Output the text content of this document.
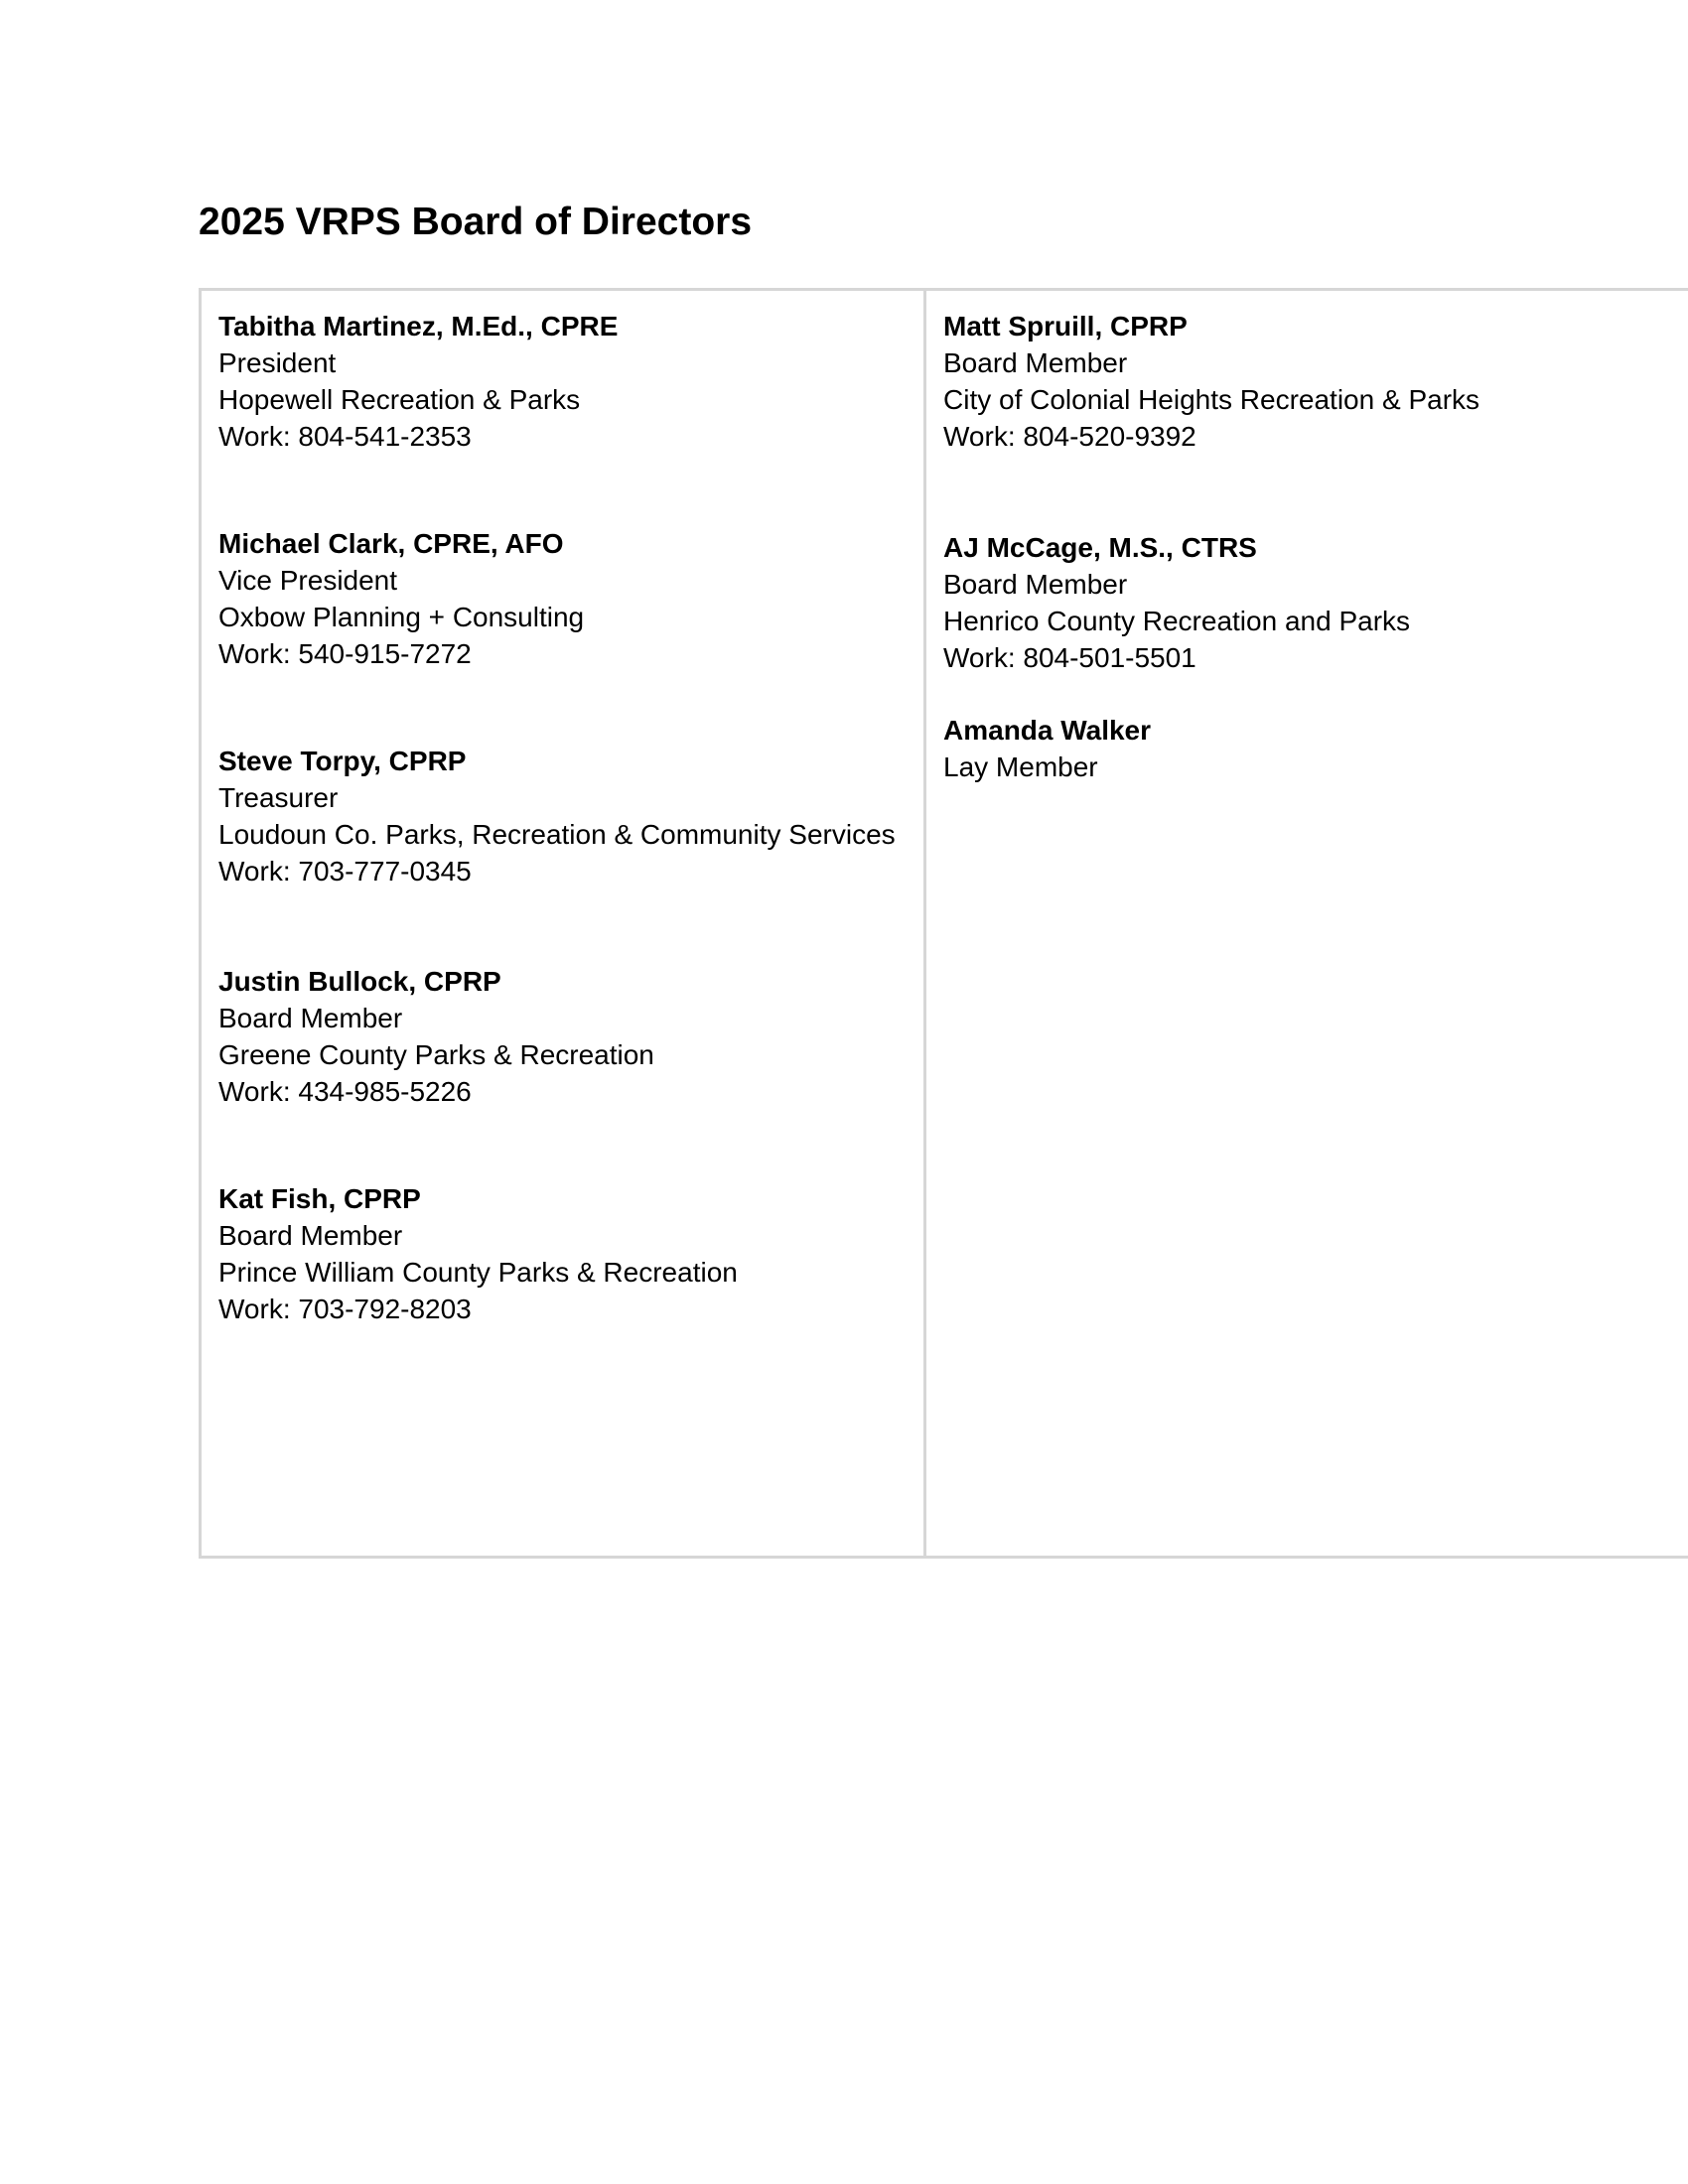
2025 VRPS Board of Directors
Tabitha Martinez, M.Ed., CPRE
President
Hopewell Recreation & Parks
Work: 804-541-2353
Michael Clark, CPRE, AFO
Vice President
Oxbow Planning + Consulting
Work: 540-915-7272
Steve Torpy, CPRP
Treasurer
Loudoun Co. Parks, Recreation & Community Services
Work: 703-777-0345
Justin Bullock, CPRP
Board Member
Greene County Parks & Recreation
Work: 434-985-5226
Kat Fish, CPRP
Board Member
Prince William County Parks & Recreation
Work: 703-792-8203
Matt Spruill, CPRP
Board Member
City of Colonial Heights Recreation & Parks
Work: 804-520-9392
AJ McCage, M.S., CTRS
Board Member
Henrico County Recreation and Parks
Work: 804-501-5501
Amanda Walker
Lay Member
